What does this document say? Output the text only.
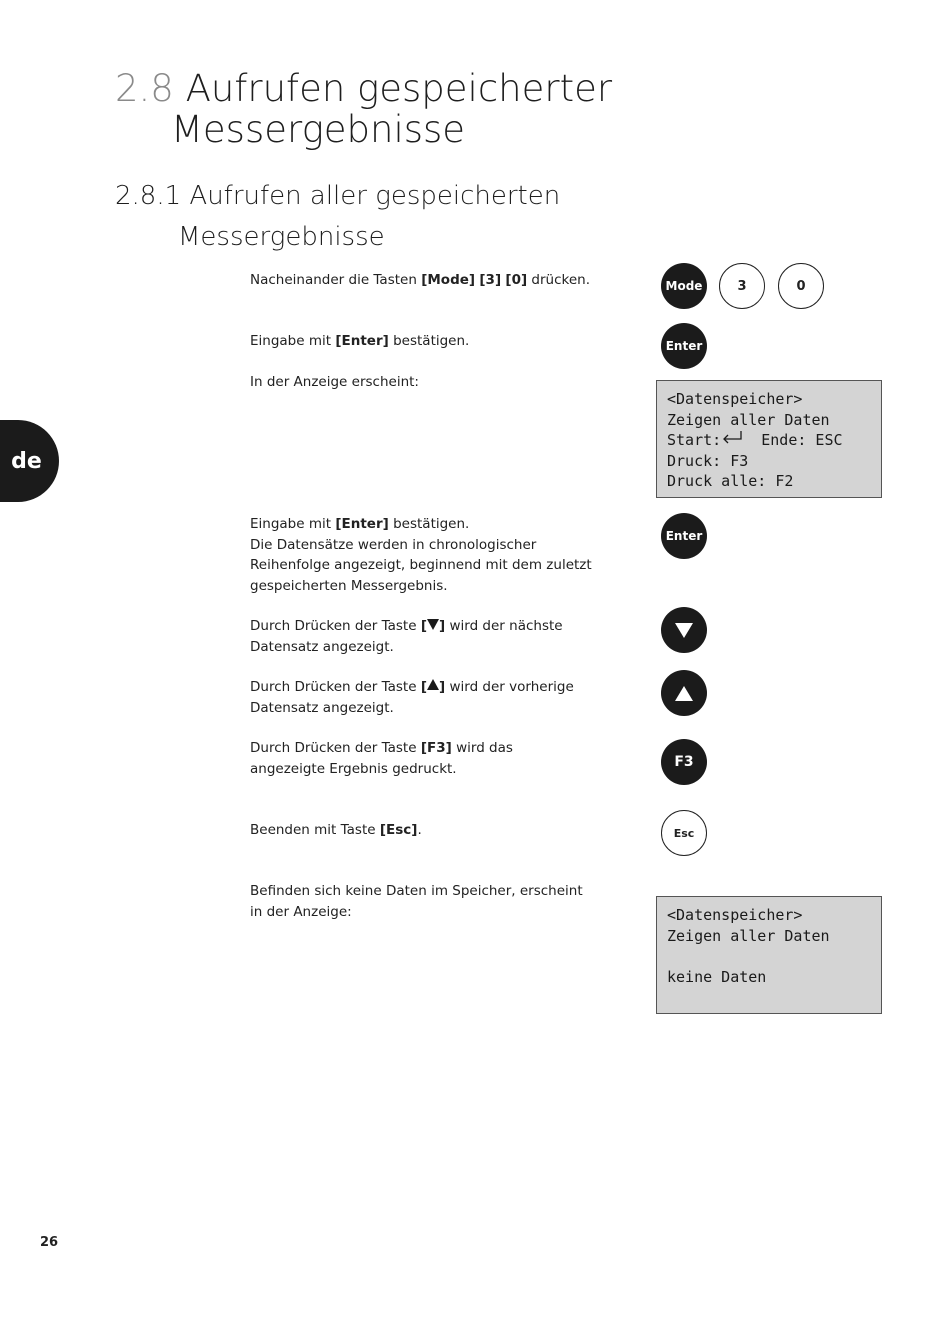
2.8 Aufrufen gespeicherter
Messergebnisse
2.8.1 Aufrufen aller gespeicherten
Messergebnisse
de
Nacheinander die Tasten [Mode] [3] [0] drücken.	Mode	3	0
Eingabe mit [Enter] bestätigen.	Enter
In der Anzeige erscheint:
<Datenspeicher>
Zeigen aller Daten
Start:  Ende: ESC
Druck: F3
Druck alle: F2
Eingabe mit [Enter] bestätigen.
Die Datensätze werden in chronologischer Reihenfolge angezeigt, beginnend mit dem zuletzt gespeicherten Messergebnis.
Enter
Durch Drücken der Taste [ ] wird der nächste Datensatz angezeigt.
Durch Drücken der Taste [ ] wird der vorherige Datensatz angezeigt.
Durch Drücken der Taste [F3] wird das angezeigte Ergebnis gedruckt.	F3
Beenden mit Taste [Esc].	Esc
Befinden sich keine Daten im Speicher, erscheint in der Anzeige:	<Datenspeicher>
Zeigen aller Daten

keine Daten
26
